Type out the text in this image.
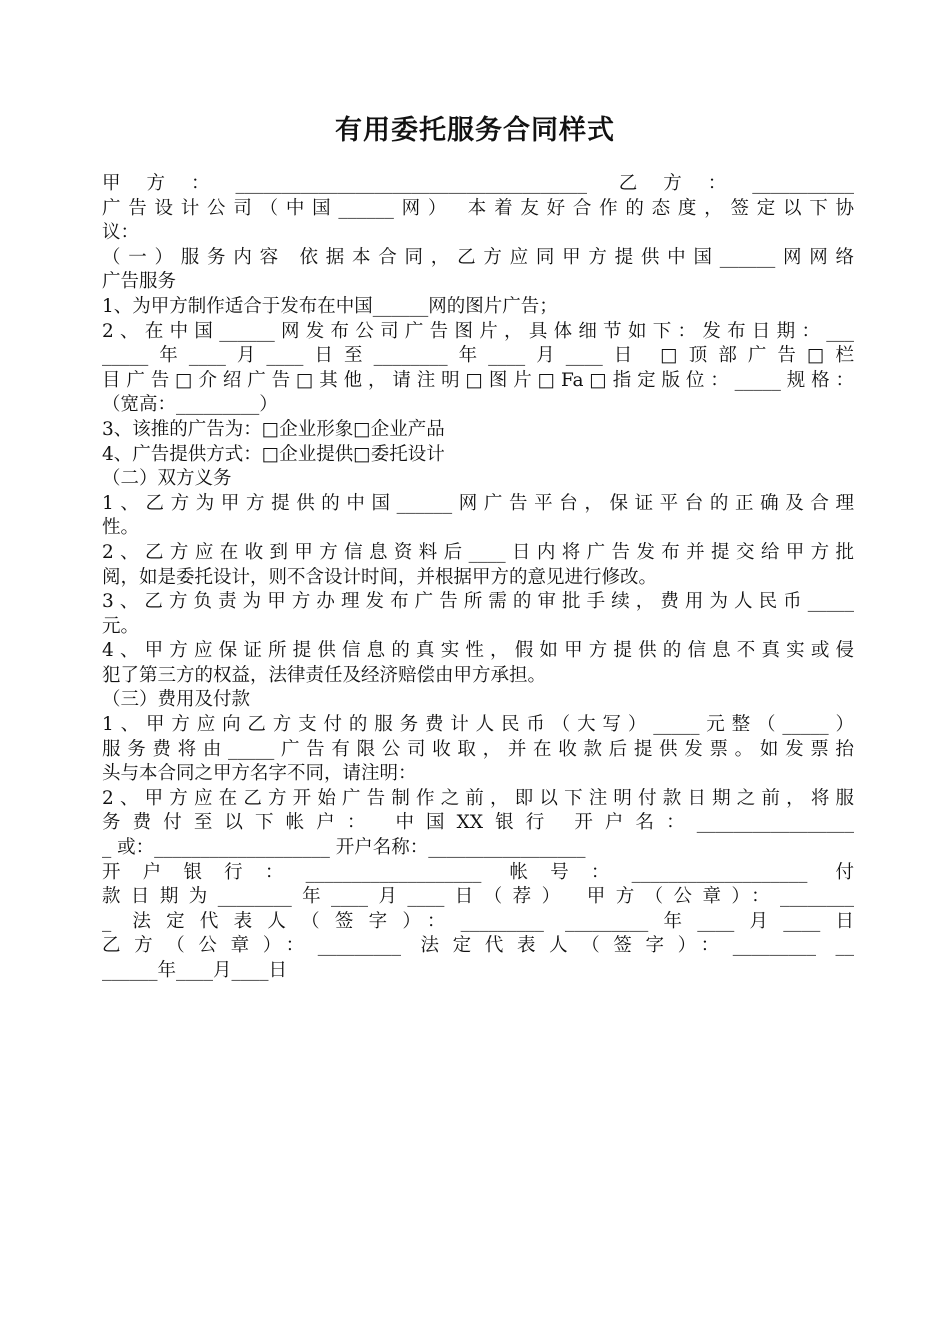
有用委托服务合同样式
甲方：______________________________________ 乙方：___________
广告设计公司（中国______网） 本着友好合作的态度，签定以下协
议：
（一）服务内容 依据本合同，乙方应同甲方提供中国______网网络
广告服务
1、为甲方制作适合于发布在中国______网的图片广告；
2、在中国______网发布公司广告图片，具体细节如下：发布日期：___
_____年____月____日至________年____月____日 □顶部广告□栏
目广告□介绍广告□其他，请注明□图片□Fa□指定版位：_____规格：
（宽高：_________）
3、该推的广告为：□企业形象□企业产品
4、广告提供方式：□企业提供□委托设计
（二）双方义务
1、乙方为甲方提供的中国______网广告平台，保证平台的正确及合理
性。
2、乙方应在收到甲方信息资料后____日内将广告发布并提交给甲方批
阅，如是委托设计，则不含设计时间，并根据甲方的意见进行修改。
3、乙方负责为甲方办理发布广告所需的审批手续，费用为人民币_____
元。
4、甲方应保证所提供信息的真实性，假如甲方提供的信息不真实或侵
犯了第三方的权益，法律责任及经济赔偿由甲方承担。
（三）费用及付款
1、甲方应向乙方支付的服务费计人民币（大写）_____元整（_____）
服务费将由_____广告有限公司收取，并在收款后提供发票。如发票抬
头与本合同之甲方名字不同，请注明：
2、甲方应在乙方开始广告制作之前，即以下注明付款日期之前，将服
务费付至以下帐户： 中国XX银行 开户名：_________________
_ 或：___________________ 开户名称：_________________
开户银行：___________________ 帐号：___________________ 付
款日期为________年____月____日（荐） 甲方（公章）：________
_ 法定代表人（签字）：_________ _________年____月____日
乙方（公章）：_________ 法定代表人（签字）：_________ __
______年____月____日
